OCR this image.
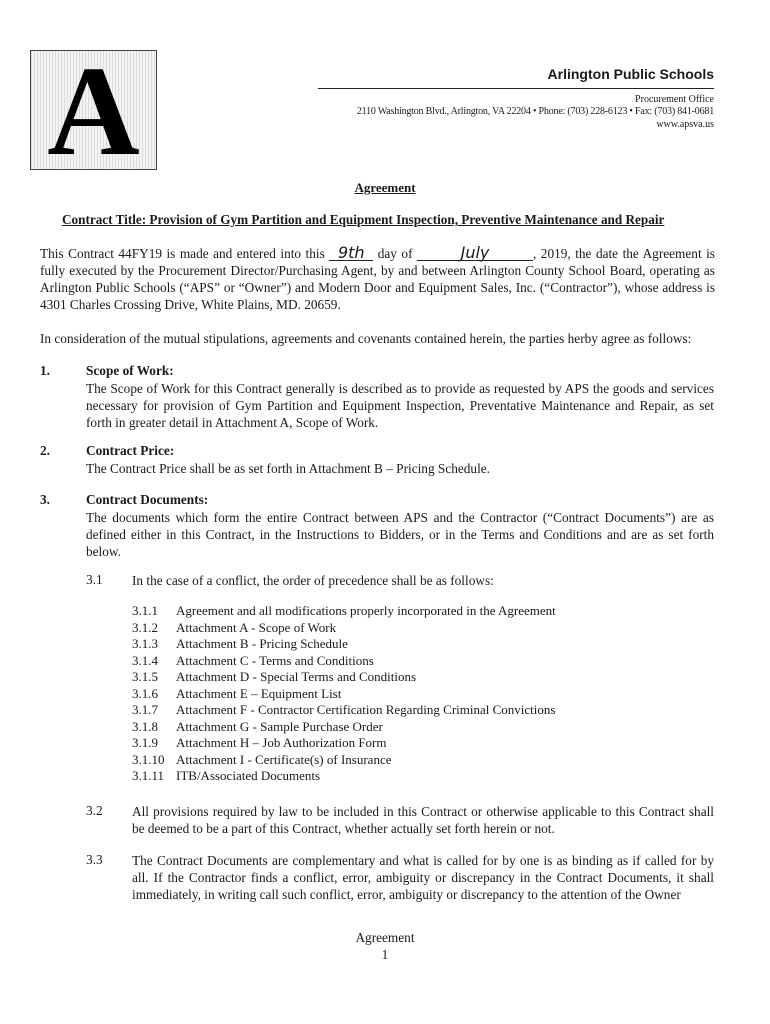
A	Arlington Public Schools
Procurement Office
2110 Washington Blvd., Arlington, VA 22204 • Phone: (703) 228-6123 • Fax: (703) 841-0681
www.apsva.us
Agreement
Contract Title: Provision of Gym Partition and Equipment Inspection, Preventive Maintenance and Repair
This Contract 44FY19 is made and entered into this 9th day of	July	, 2019, the date the Agreement is fully executed by the Procurement Director/Purchasing Agent, by and between Arlington County School Board, operating as Arlington Public Schools (“APS” or “Owner”) and Modern Door and Equipment Sales, Inc. (“Contractor”), whose address is 4301 Charles Crossing Drive, White Plains, MD. 20659.
In consideration of the mutual stipulations, agreements and covenants contained herein, the parties herby agree as follows:
1.	Scope of Work:
The Scope of Work for this Contract generally is described as to provide as requested by APS the goods and services necessary for provision of Gym Partition and Equipment Inspection, Preventative Maintenance and Repair, as set forth in greater detail in Attachment A, Scope of Work.
2.	Contract Price:
The Contract Price shall be as set forth in Attachment B – Pricing Schedule.
3.	Contract Documents:
The documents which form the entire Contract between APS and the Contractor (“Contract Documents”) are as defined either in this Contract, in the Instructions to Bidders, or in the Terms and Conditions and are as set forth below.
3.1 In the case of a conflict, the order of precedence shall be as follows:
3.1.1	Agreement and all modifications properly incorporated in the Agreement
3.1.2	Attachment A - Scope of Work
3.1.3	Attachment B - Pricing Schedule
3.1.4	Attachment C - Terms and Conditions
3.1.5	Attachment D - Special Terms and Conditions
3.1.6	Attachment E – Equipment List
3.1.7	Attachment F - Contractor Certification Regarding Criminal Convictions
3.1.8	Attachment G - Sample Purchase Order
3.1.9	Attachment H – Job Authorization Form
3.1.10 Attachment I - Certificate(s) of Insurance
3.1.11 ITB/Associated Documents
3.2 All provisions required by law to be included in this Contract or otherwise applicable to this Contract shall be deemed to be a part of this Contract, whether actually set forth herein or not.
3.3 The Contract Documents are complementary and what is called for by one is as binding as if called for by all. If the Contractor finds a conflict, error, ambiguity or discrepancy in the Contract Documents, it shall immediately, in writing call such conflict, error, ambiguity or discrepancy to the attention of the Owner
Agreement
1
